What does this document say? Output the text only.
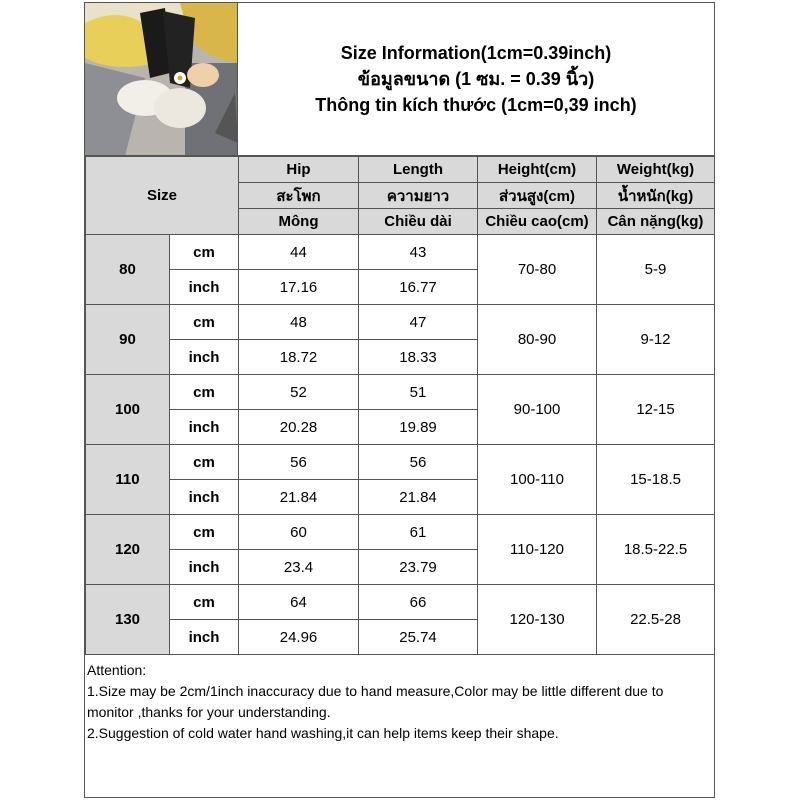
Size Information(1cm=0.39inch)
ข้อมูลขนาด (1 ซม. = 0.39 นิ้ว)
Thông tin kích thước (1cm=0,39 inch)
Size		Hip	Length	Height(cm)	Weight(kg)
		สะโพก	ความยาว	ส่วนสูง(cm)	น้ำหนัก(kg)
		Mông	Chiều dài	Chiều cao(cm)	Cân nặng(kg)
80	cm	44	43	70-80	5-9
	inch	17.16	16.77		
90	cm	48	47	80-90	9-12
	inch	18.72	18.33		
100	cm	52	51	90-100	12-15
	inch	20.28	19.89		
110	cm	56	56	100-110	15-18.5
	inch	21.84	21.84		
120	cm	60	61	110-120	18.5-22.5
	inch	23.4	23.79		
130	cm	64	66	120-130	22.5-28
	inch	24.96	25.74		
Attention:
1.Size may be 2cm/1inch inaccuracy due to hand measure,Color may be little different due to monitor ,thanks for your understanding.
2.Suggestion of cold water hand washing,it can help items keep their shape.
